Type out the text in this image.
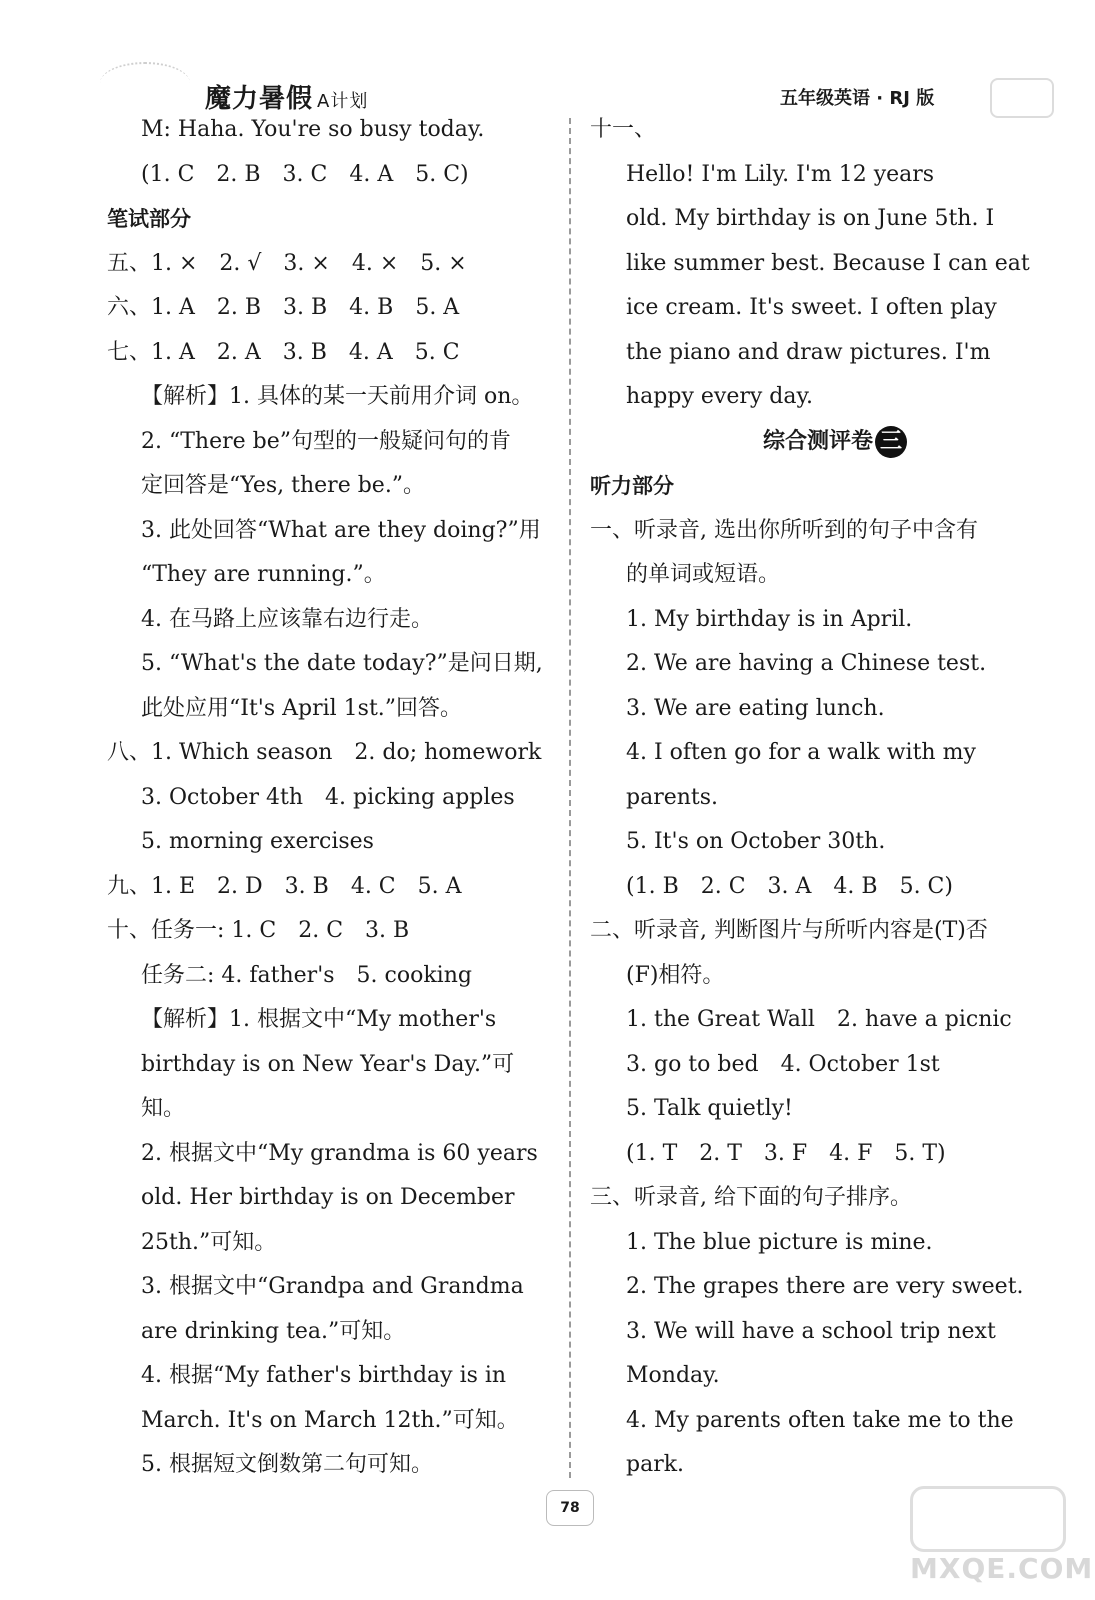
魔力暑假 A计划	五年级英语 · RJ 版
M: Haha. You're so busy today.
(1. C　2. B　3. C　4. A　5. C)
笔试部分
五、1. ×　2. √　3. ×　4. ×　5. ×
六、1. A　2. B　3. B　4. B　5. A
七、1. A　2. A　3. B　4. A　5. C
【解析】1. 具体的某一天前用介词 on。
2. “There be”句型的一般疑问句的肯
定回答是“Yes, there be.”。
3. 此处回答“What are they doing?”用
“They are running.”。
4. 在马路上应该靠右边行走。
5. “What's the date today?”是问日期,
此处应用“It's April 1st.”回答。
八、1. Which season　2. do; homework
3. October 4th　4. picking apples
5. morning exercises
九、1. E　2. D　3. B　4. C　5. A
十、任务一: 1. C　2. C　3. B
任务二: 4. father's　5. cooking
【解析】1. 根据文中“My mother's
birthday is on New Year's Day.”可
知。
2. 根据文中“My grandma is 60 years
old. Her birthday is on December
25th.”可知。
3. 根据文中“Grandpa and Grandma
are drinking tea.”可知。
4. 根据“My father's birthday is in
March. It's on March 12th.”可知。
5. 根据短文倒数第二句可知。
十一、
Hello! I'm Lily. I'm 12 years
old. My birthday is on June 5th. I
like summer best. Because I can eat
ice cream. It's sweet. I often play
the piano and draw pictures. I'm
happy every day.
综合测评卷 三
听力部分
一、听录音, 选出你所听到的句子中含有
的单词或短语。
1. My birthday is in April.
2. We are having a Chinese test.
3. We are eating lunch.
4. I often go for a walk with my
parents.
5. It's on October 30th.
(1. B　2. C　3. A　4. B　5. C)
二、听录音, 判断图片与所听内容是(T)否
(F)相符。
1. the Great Wall　2. have a picnic
3. go to bed　4. October 1st
5. Talk quietly!
(1. T　2. T　3. F　4. F　5. T)
三、听录音, 给下面的句子排序。
1. The blue picture is mine.
2. The grapes there are very sweet.
3. We will have a school trip next
Monday.
4. My parents often take me to the
park.
78
MXQE.COM
